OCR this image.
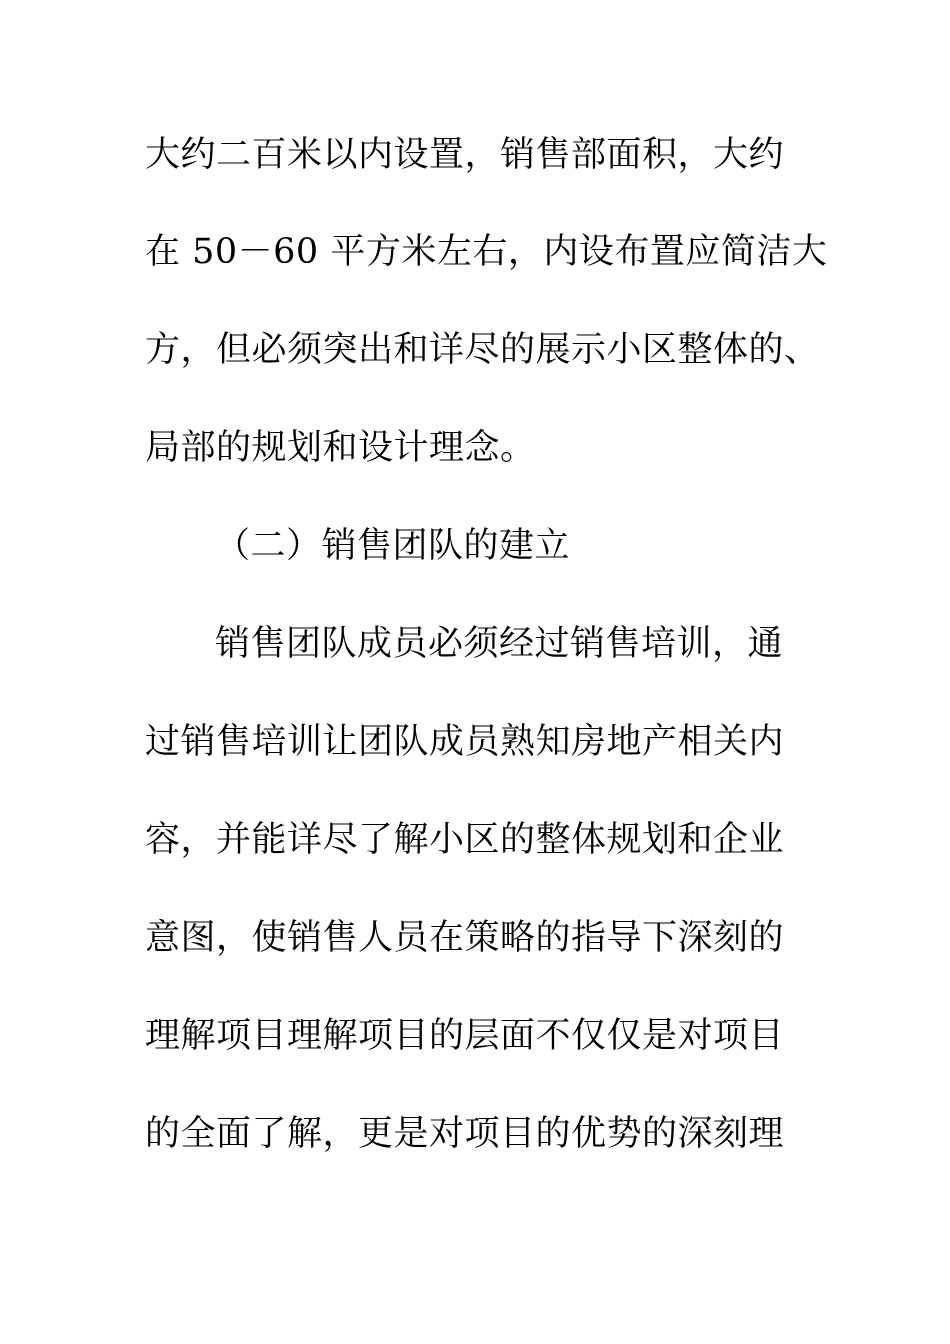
大约二百米以内设置，销售部面积，大约
在 50－60 平方米左右，内设布置应简洁大
方，但必须突出和详尽的展示小区整体的、
局部的规划和设计理念。
（二）销售团队的建立
销售团队成员必须经过销售培训，通
过销售培训让团队成员熟知房地产相关内
容，并能详尽了解小区的整体规划和企业
意图，使销售人员在策略的指导下深刻的
理解项目理解项目的层面不仅仅是对项目
的全面了解，更是对项目的优势的深刻理
